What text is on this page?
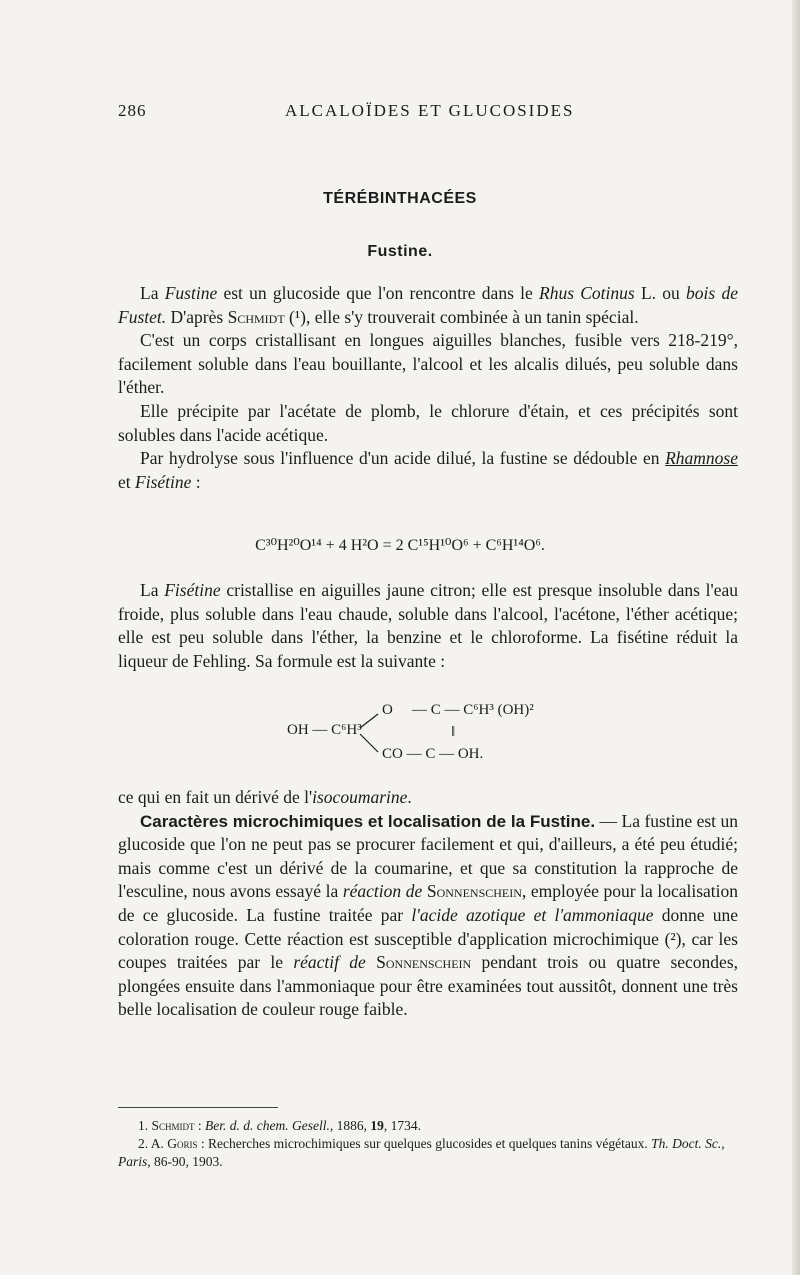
286	ALCALOÏDES ET GLUCOSIDES
TÉRÉBINTHACÉES
Fustine.

La Fustine est un glucoside que l'on rencontre dans le Rhus Cotinus L. ou bois de Fustet. D'après Schmidt (¹), elle s'y trouverait combinée à un tanin spécial.

C'est un corps cristallisant en longues aiguilles blanches, fusible vers 218-219°, facilement soluble dans l'eau bouillante, l'alcool et les alcalis dilués, peu soluble dans l'éther.

Elle précipite par l'acétate de plomb, le chlorure d'étain, et ces précipités sont solubles dans l'acide acétique.

Par hydrolyse sous l'influence d'un acide dilué, la fustine se dédouble en Rhamnose et Fisétine :

C³⁰H²⁰O¹⁴ + 4 H²O = 2 C¹⁵H¹⁰O⁶ + C⁶H¹⁴O⁶.

La Fisétine cristallise en aiguilles jaune citron; elle est presque insoluble dans l'eau froide, plus soluble dans l'eau chaude, soluble dans l'alcool, l'acétone, l'éther acétique; elle est peu soluble dans l'éther, la benzine et le chloroforme. La fisétine réduit la liqueur de Fehling. Sa formule est la suivante :

OH — C⁶H³
O — C — C⁶H³ (OH)²
‖
CO — C — OH.

ce qui en fait un dérivé de l'isocoumarine.

Caractères microchimiques et localisation de la Fustine. — La fustine est un glucoside que l'on ne peut pas se procurer facilement et qui, d'ailleurs, a été peu étudié; mais comme c'est un dérivé de la coumarine, et que sa constitution la rapproche de l'esculine, nous avons essayé la réaction de Sonnenschein, employée pour la localisation de ce glucoside. La fustine traitée par l'acide azotique et l'ammoniaque donne une coloration rouge. Cette réaction est susceptible d'application microchimique (²), car les coupes traitées par le réactif de Sonnenschein pendant trois ou quatre secondes, plongées ensuite dans l'ammoniaque pour être examinées tout aussitôt, donnent une très belle localisation de couleur rouge faible.

1. Schmidt : Ber. d. d. chem. Gesell., 1886, 19, 1734.

2. A. Goris : Recherches microchimiques sur quelques glucosides et quelques tanins végétaux. Th. Doct. Sc., Paris, 86-90, 1903.
